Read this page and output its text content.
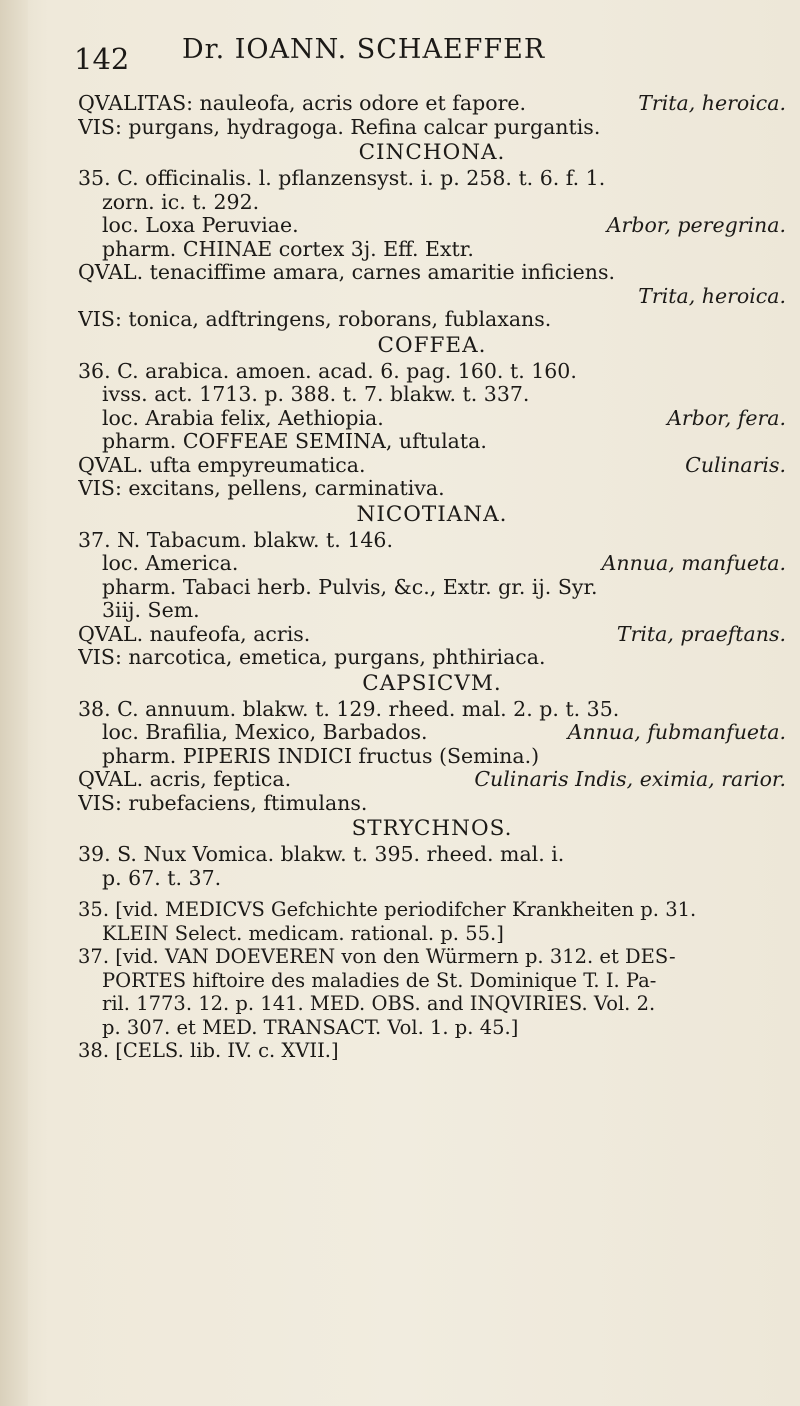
142 Dr. IOANN. SCHAEFFER
QVALITAS: nauleofa, acris odore et fapore.	Trita, heroica.
VIS: purgans, hydragoga. Refina calcar purgantis.
CINCHONA.
35. C. officinalis. l. pflanzensyst. i. p. 258. t. 6. f. 1.
zorn. ic. t. 292.
loc. Loxa Peruviae.	Arbor, peregrina.
pharm. CHINAE cortex 3j. Eff. Extr.
QVAL. tenaciffime amara, carnes amaritie inficiens.
Trita, heroica.
VIS: tonica, adftringens, roborans, fublaxans.
COFFEA.
36. C. arabica. amoen. acad. 6. pag. 160. t. 160.
ivss. act. 1713. p. 388. t. 7. blakw. t. 337.
loc. Arabia felix, Aethiopia.	Arbor, fera.
pharm. COFFEAE SEMINA, uftulata.
QVAL. ufta empyreumatica.	Culinaris.
VIS: excitans, pellens, carminativa.
NICOTIANA.
37. N. Tabacum. blakw. t. 146.
loc. America.	Annua, manfueta.
pharm. Tabaci herb. Pulvis, &c., Extr. gr. ij. Syr.
3iij. Sem.
QVAL. naufeofa, acris.	Trita, praeftans.
VIS: narcotica, emetica, purgans, phthiriaca.
CAPSICVM.
38. C. annuum. blakw. t. 129. rheed. mal. 2. p. t. 35.
loc. Brafilia, Mexico, Barbados.	Annua, fubmanfueta.
pharm. PIPERIS INDICI fructus (Semina.)
QVAL. acris, feptica.	Culinaris Indis, eximia, rarior.
VIS: rubefaciens, ftimulans.
STRYCHNOS.
39. S. Nux Vomica. blakw. t. 395. rheed. mal. i.
p. 67. t. 37.
35. [vid. MEDICVS Gefchichte periodifcher Krankheiten p. 31.
KLEIN Select. medicam. rational. p. 55.]
37. [vid. VAN DOEVEREN von den Würmern p. 312. et DES-
PORTES hiftoire des maladies de St. Dominique T. I. Pa-
ril. 1773. 12. p. 141. MED. OBS. and INQVIRIES. Vol. 2.
p. 307. et MED. TRANSACT. Vol. 1. p. 45.]
38. [CELS. lib. IV. c. XVII.]
